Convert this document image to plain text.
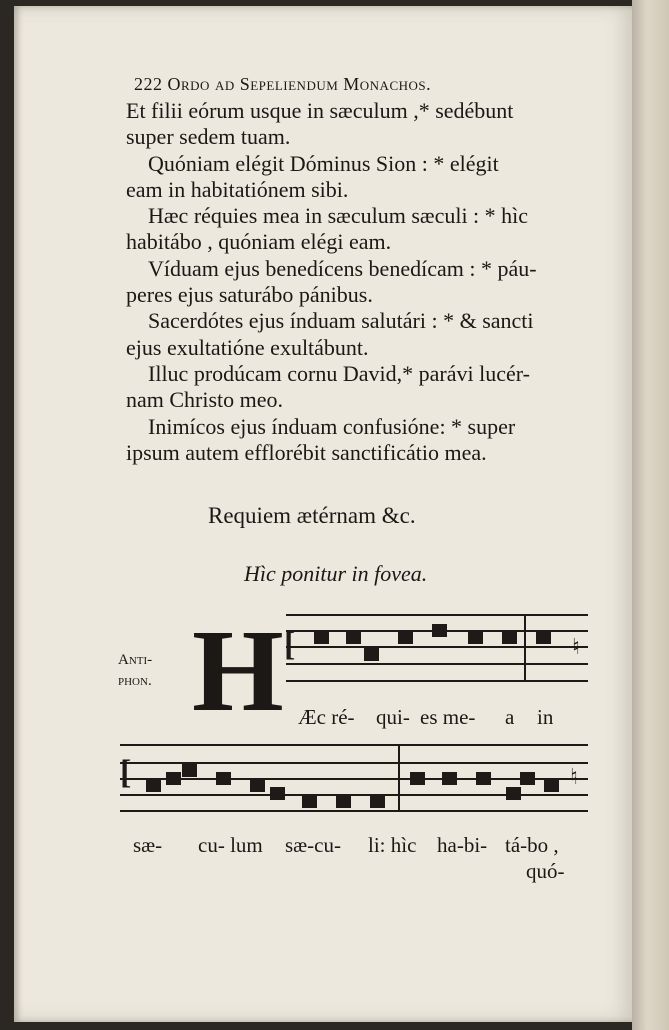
222 Ordo ad Sepeliendum Monachos.
Et filii eórum usque in sæculum ,* sedébunt
super sedem tuam.
Quóniam elégit Dóminus Sion : * elégit
eam in habitatiónem sibi.
Hæc réquies mea in sæculum sæculi : * hìc
habitábo , quóniam elégi eam.
Víduam ejus benedícens benedícam : * páu-
peres ejus saturábo pánibus.
Sacerdótes ejus índuam salutári : * & sancti
ejus exultatióne exultábunt.
Illuc prodúcam cornu David,* parávi lucér-
nam Christo meo.
Inimícos ejus índuam confusióne: * super
ipsum autem efflorébit sanctificátio mea.
Requiem ætérnam &c.
Hìc ponitur in fovea.
Anti-
phon. H [	♮
Æc ré- qui- es me- a in
[	♮
sæ- cu- lum sæ-cu- li: hìc ha-bi- tá-bo ,
quó-
